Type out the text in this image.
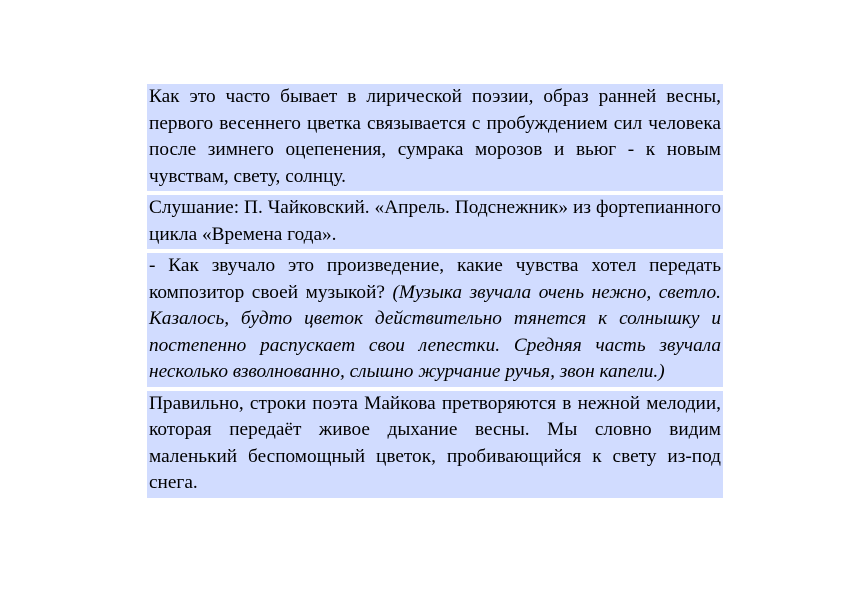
Как это часто бывает в лирической поэзии, образ ранней весны, первого весеннего цветка связывается с пробуждением сил человека после зимнего оцепенения, сумрака морозов и вьюг - к новым чувствам, свету, солнцу.

Слушание: П. Чайковский. «Апрель. Подснежник» из фортепианного цикла «Времена года».

- Как звучало это произведение, какие чувства хотел передать композитор своей музыкой? (Музыка звучала очень нежно, светло. Казалось, будто цветок действительно тянется к солнышку и постепенно распускает свои лепестки. Средняя часть звучала несколько взволнованно, слышно журчание ручья, звон капели.)

Правильно, строки поэта Майкова претворяются в нежной мелодии, которая передаёт живое дыхание весны. Мы словно видим маленький беспомощный цветок, пробивающийся к свету из-под снега.
